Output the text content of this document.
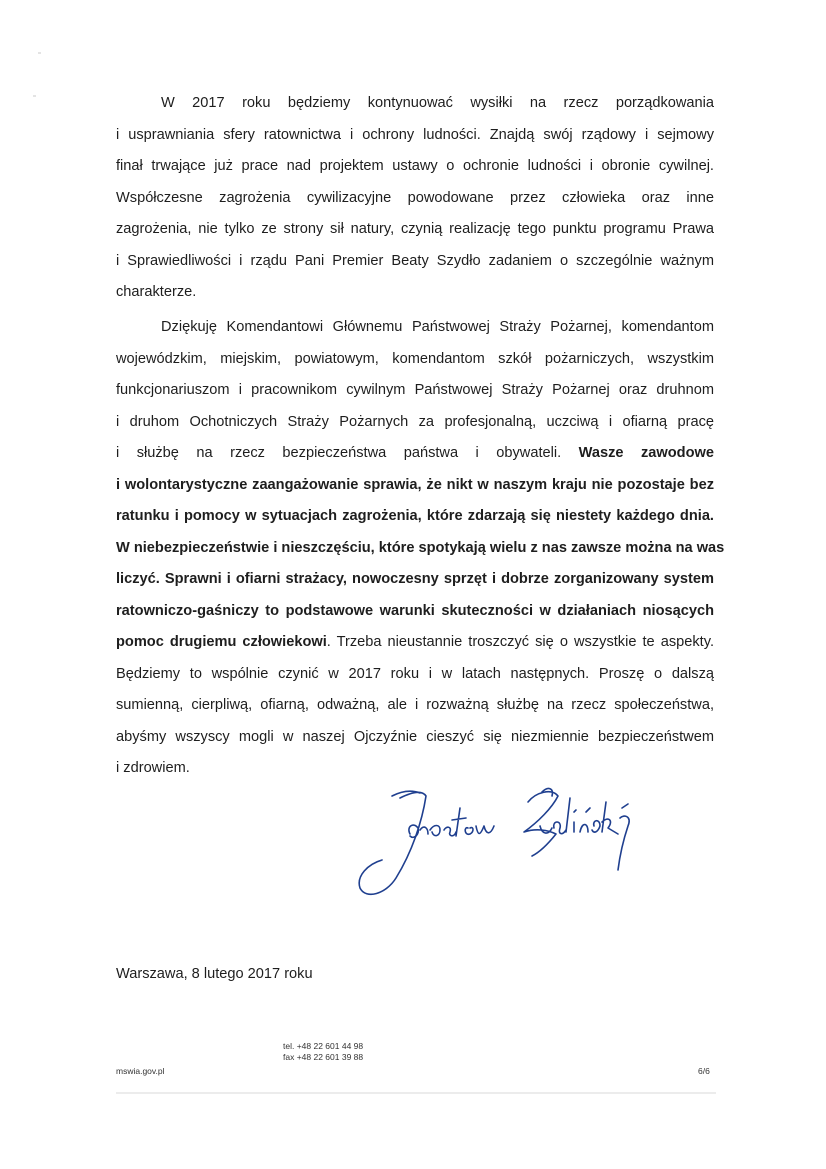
W 2017 roku będziemy kontynuować wysiłki na rzecz porządkowania
i usprawniania sfery ratownictwa i ochrony ludności. Znajdą swój rządowy i sejmowy
finał trwające już prace nad projektem ustawy o ochronie ludności i obronie cywilnej.
Współczesne zagrożenia cywilizacyjne powodowane przez człowieka oraz inne
zagrożenia, nie tylko ze strony sił natury, czynią realizację tego punktu programu Prawa
i Sprawiedliwości i rządu Pani Premier Beaty Szydło zadaniem o szczególnie ważnym
charakterze.
Dziękuję Komendantowi Głównemu Państwowej Straży Pożarnej, komendantom
wojewódzkim, miejskim, powiatowym, komendantom szkół pożarniczych, wszystkim
funkcjonariuszom i pracownikom cywilnym Państwowej Straży Pożarnej oraz druhnom
i druhom Ochotniczych Straży Pożarnych za profesjonalną, uczciwą i ofiarną pracę
i służbę na rzecz bezpieczeństwa państwa i obywateli. Wasze zawodowe
i wolontarystyczne zaangażowanie sprawia, że nikt w naszym kraju nie pozostaje bez
ratunku i pomocy w sytuacjach zagrożenia, które zdarzają się niestety każdego dnia.
W niebezpieczeństwie i nieszczęściu, które spotykają wielu z nas zawsze można na was
liczyć. Sprawni i ofiarni strażacy, nowoczesny sprzęt i dobrze zorganizowany system
ratowniczo-gaśniczy to podstawowe warunki skuteczności w działaniach niosących
pomoc drugiemu człowiekowi. Trzeba nieustannie troszczyć się o wszystkie te aspekty.
Będziemy to wspólnie czynić w 2017 roku i w latach następnych. Proszę o dalszą
sumienną, cierpliwą, ofiarną, odważną, ale i rozważną służbę na rzecz społeczeństwa,
abyśmy wszyscy mogli w naszej Ojczyźnie cieszyć się niezmiennie bezpieczeństwem
i zdrowiem.
Warszawa, 8 lutego 2017 roku
tel. +48 22 601 44 98
fax +48 22 601 39 88
mswia.gov.pl	6/6
